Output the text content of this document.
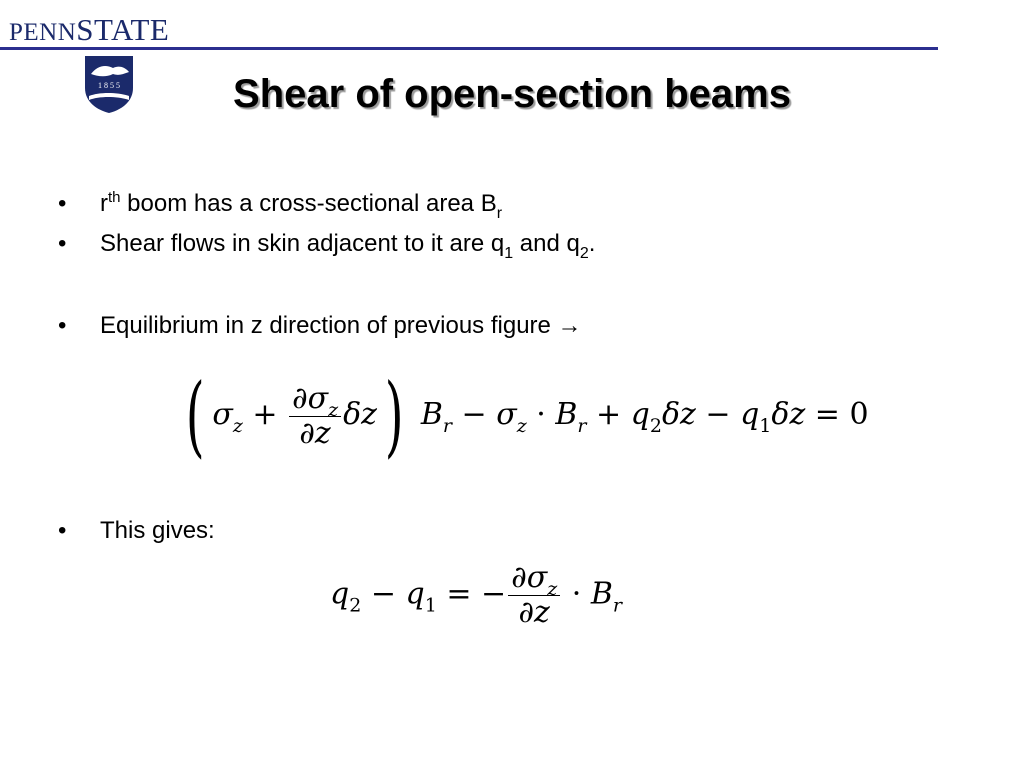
PENNSTATE
1 8 5 5	Shear of open-section beams
• $r^{th}$ boom has a cross-sectional area $B_r$
• Shear flows in skin adjacent to it are $q_1$ and $q_2$.
• Equilibrium in z direction of previous figure →
( $\sigma_z + \frac{\partial\sigma_z}{\partial z} \delta z$) $B_r - \sigma_z \cdot B_r + q_2\delta z - q_1\delta z = 0$
• This gives:
$q_2 - q_1$ = − $\frac{\partial\sigma_z}{\partial z} \cdot B_r$
